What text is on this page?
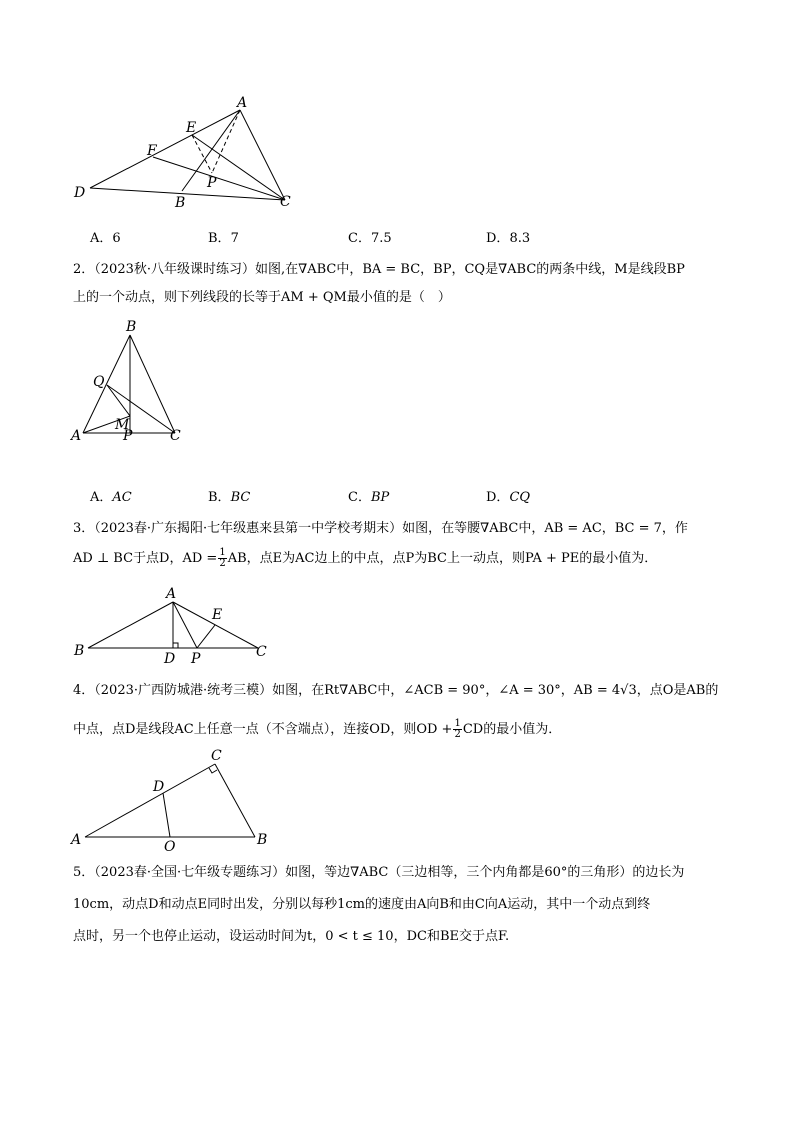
A
E
F
P
D
B	C
A．6	B．7	C．7.5	D．8.3
2．（2023秋·八年级课时练习）如图,在∇ABC中，BA = BC，BP，CQ是∇ABC的两条中线，M是线段BP
上的一个动点，则下列线段的长等于AM + QM最小值的是（　）
B
Q
M
A	P	C
A．AC	B．BC	C．BP	D．CQ
3．（2023春·广东揭阳·七年级惠来县第一中学校考期末）如图，在等腰∇ABC中，AB = AC，BC = 7，作
AD ⊥ BC于点D，AD = $\frac{1}{2}$ AB，点E为AC边上的中点，点P为BC上一动点，则PA + PE的最小值为．
A
E
B	D P	C
4．（2023·广西防城港·统考三模）如图，在Rt∇ABC中，∠ACB = 90°，∠A = 30°，AB = 4√3，点O是AB的
中点，点D是线段AC上任意一点（不含端点），连接OD，则OD + $\frac{1}{2}$ CD的最小值为．
C
D
A	O	B
5．（2023春·全国·七年级专题练习）如图，等边∇ABC（三边相等，三个内角都是60°的三角形）的边长为
10cm，动点D和动点E同时出发，分别以每秒1cm的速度由A向B和由C向A运动，其中一个动点到终
点时，另一个也停止运动，设运动时间为t，0 < t ≤ 10，DC和BE交于点F.
